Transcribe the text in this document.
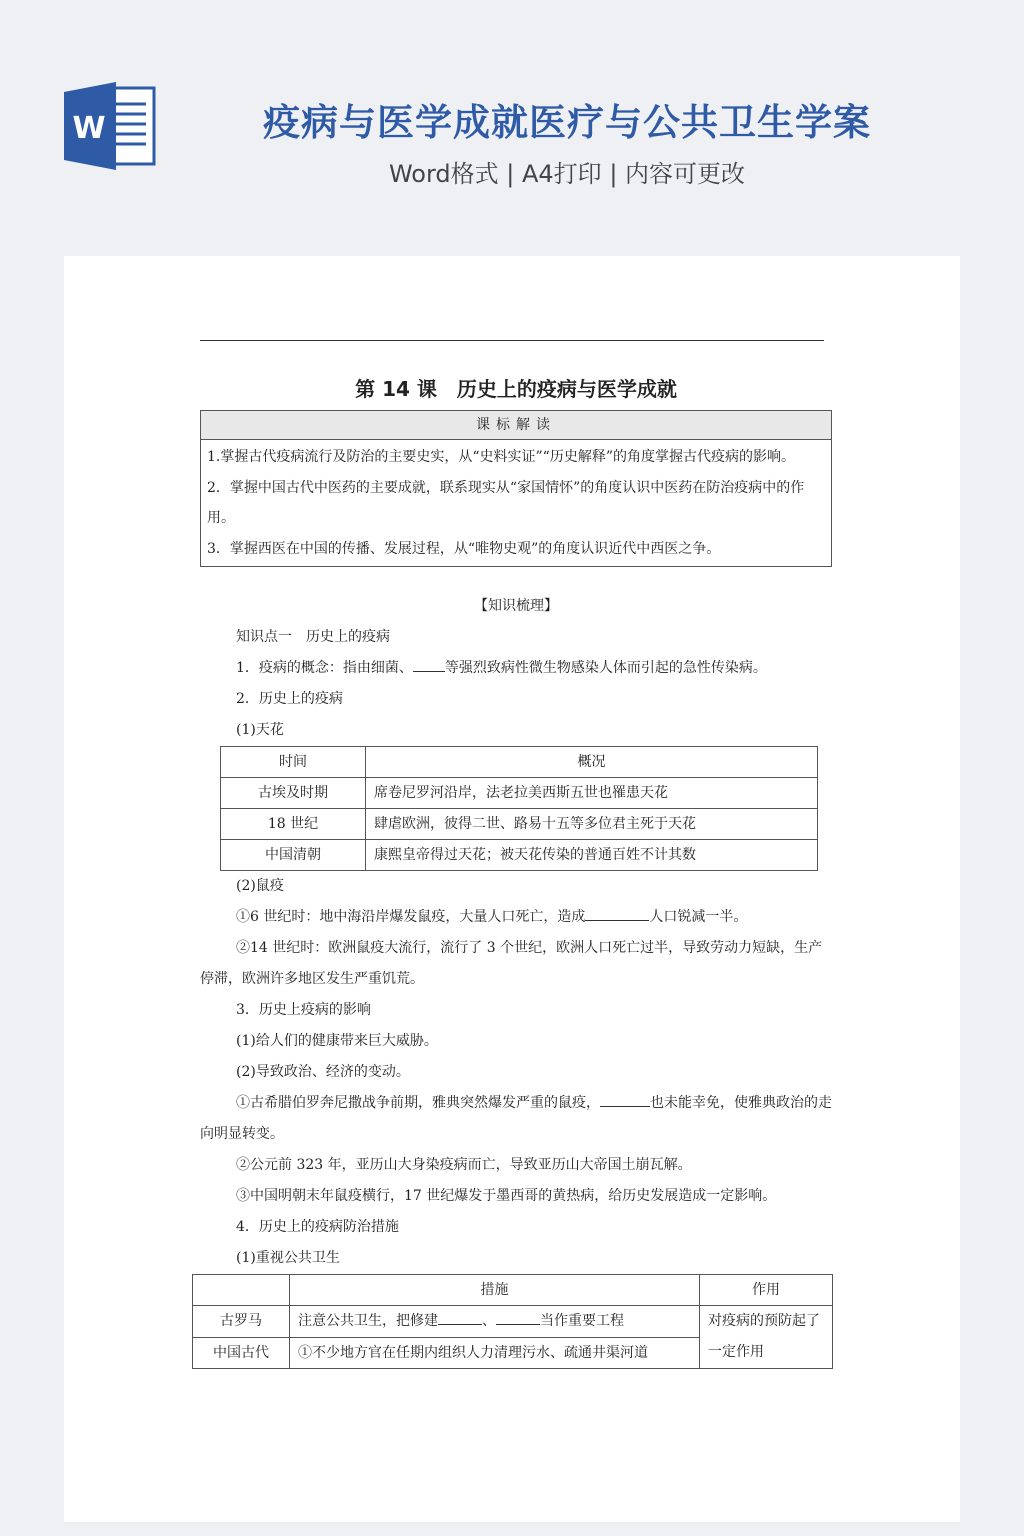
W	疫病与医学成就医疗与公共卫生学案
Word格式 | A4打印 | 内容可更改
第 14 课　历史上的疫病与医学成就
课标解读

1.掌握古代疫病流行及防治的主要史实，从“史料实证”“历史解释”的角度掌握古代疫病的影响。
2．掌握中国古代中医药的主要成就，联系现实从“家国情怀”的角度认识中医药在防治疫病中的作用。
3．掌握西医在中国的传播、发展过程，从“唯物史观”的角度认识近代中西医之争。

【知识梳理】

知识点一　历史上的疫病

1．疫病的概念：指由细菌、 等强烈致病性微生物感染人体而引起的急性传染病。

2．历史上的疫病

(1)天花

时间	概况
古埃及时期	席卷尼罗河沿岸，法老拉美西斯五世也罹患天花
18 世纪	肆虐欧洲，彼得二世、路易十五等多位君主死于天花
中国清朝	康熙皇帝得过天花；被天花传染的普通百姓不计其数

(2)鼠疫

①6 世纪时：地中海沿岸爆发鼠疫，大量人口死亡，造成	人口锐减一半。

②14 世纪时：欧洲鼠疫大流行，流行了 3 个世纪，欧洲人口死亡过半，导致劳动力短缺，生产停滞，欧洲许多地区发生严重饥荒。

3．历史上疫病的影响

(1)给人们的健康带来巨大威胁。

(2)导致政治、经济的变动。

①古希腊伯罗奔尼撒战争前期，雅典突然爆发严重的鼠疫，	也未能幸免，使雅典政治的走向明显转变。

②公元前 323 年，亚历山大身染疫病而亡，导致亚历山大帝国土崩瓦解。

③中国明朝末年鼠疫横行，17 世纪爆发于墨西哥的黄热病，给历史发展造成一定影响。

4．历史上的疫病防治措施

(1)重视公共卫生

	措施	作用
古罗马	注意公共卫生，把修建 、 当作重要工程	对疫病的预防起了一定作用
中国古代	①不少地方官在任期内组织人力清理污水、疏通井渠河道	
